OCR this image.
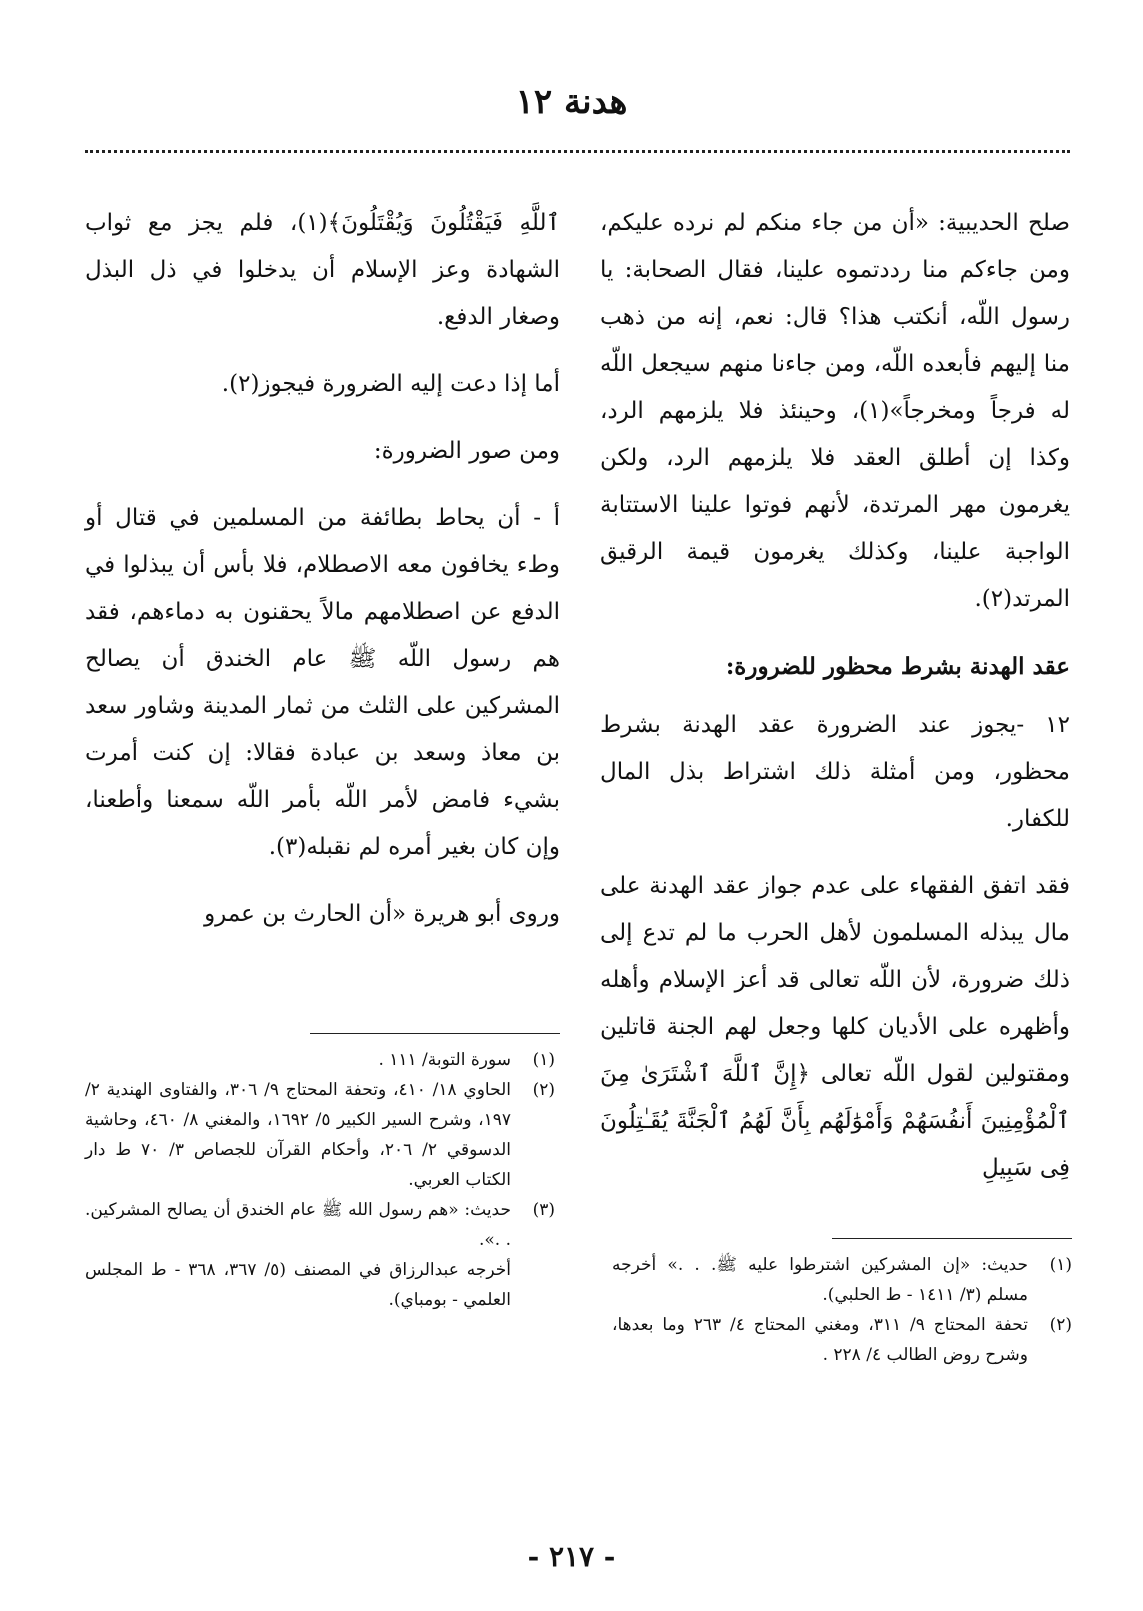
هدنة ١٢

صلح الحديبية: «أن من جاء منكم لم نرده عليكم، ومن جاءكم منا رددتموه علينا، فقال الصحابة: يا رسول اللّه، أنكتب هذا؟ قال: نعم، إنه من ذهب منا إليهم فأبعده اللّه، ومن جاءنا منهم سيجعل اللّه له فرجاً ومخرجاً»(١)، وحينئذ فلا يلزمهم الرد، وكذا إن أطلق العقد فلا يلزمهم الرد، ولكن يغرمون مهر المرتدة، لأنهم فوتوا علينا الاستتابة الواجبة علينا، وكذلك يغرمون قيمة الرقيق المرتد(٢).

عقد الهدنة بشرط محظور للضرورة:

١٢ -يجوز عند الضرورة عقد الهدنة بشرط محظور، ومن أمثلة ذلك اشتراط بذل المال للكفار.

فقد اتفق الفقهاء على عدم جواز عقد الهدنة على مال يبذله المسلمون لأهل الحرب ما لم تدع إلى ذلك ضرورة، لأن اللّه تعالى قد أعز الإسلام وأهله وأظهره على الأديان كلها وجعل لهم الجنة قاتلين ومقتولين لقول اللّه تعالى ﴿إِنَّ ٱللَّهَ ٱشْتَرَىٰ مِنَ ٱلْمُؤْمِنِينَ أَنفُسَهُمْ وَأَمْوَٰلَهُم بِأَنَّ لَهُمُ ٱلْجَنَّةَ يُقَـٰتِلُونَ فِى سَبِيلِ

(١)
حديث: «إن المشركين اشترطوا عليه ﷺ. . .» أخرجه مسلم (٣/ ١٤١١ - ط الحلبي).
(٢)
تحفة المحتاج ٩/ ٣١١، ومغني المحتاج ٤/ ٢٦٣ وما بعدها، وشرح روض الطالب ٤/ ٢٢٨ .

ٱللَّهِ فَيَقْتُلُونَ وَيُقْتَلُونَ﴾(١)، فلم يجز مع ثواب الشهادة وعز الإسلام أن يدخلوا في ذل البذل وصغار الدفع.

أما إذا دعت إليه الضرورة فيجوز(٢).

ومن صور الضرورة:

أ - أن يحاط بطائفة من المسلمين في قتال أو وطء يخافون معه الاصطلام، فلا بأس أن يبذلوا في الدفع عن اصطلامهم مالاً يحقنون به دماءهم، فقد هم رسول اللّه ﷺ عام الخندق أن يصالح المشركين على الثلث من ثمار المدينة وشاور سعد بن معاذ وسعد بن عبادة فقالا: إن كنت أمرت بشيء فامض لأمر اللّه بأمر اللّه سمعنا وأطعنا، وإن كان بغير أمره لم نقبله(٣).

وروى أبو هريرة «أن الحارث بن عمرو

(١)
سورة التوبة/ ١١١ .
(٢)
الحاوي ١٨/ ٤١٠، وتحفة المحتاج ٩/ ٣٠٦، والفتاوى الهندية ٢/ ١٩٧، وشرح السير الكبير ٥/ ١٦٩٢، والمغني ٨/ ٤٦٠، وحاشية الدسوقي ٢/ ٢٠٦، وأحكام القرآن للجصاص ٣/ ٧٠ ط دار الكتاب العربي.
(٣)
حديث: «هم رسول الله ﷺ عام الخندق أن يصالح المشركين. . .».
أخرجه عبدالرزاق في المصنف (٥/ ٣٦٧، ٣٦٨ - ط المجلس العلمي - بومباي).
- ٢١٧ -
